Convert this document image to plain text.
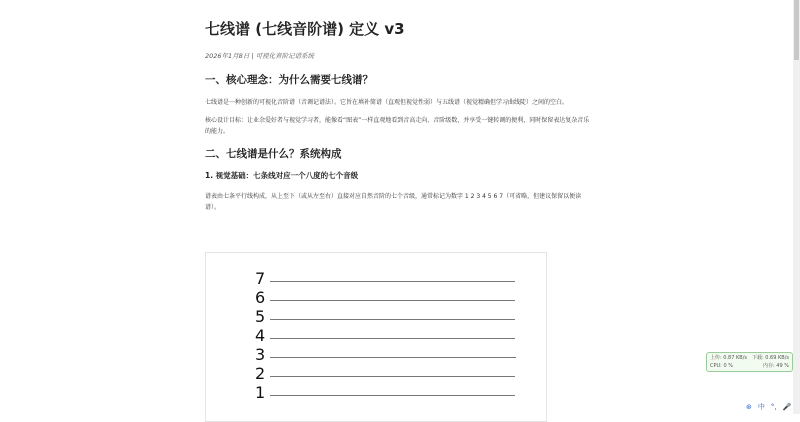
七线谱 (七线音阶谱) 定义 v3
2026年1月8日 | 可视化音阶记谱系统
一、核心理念：为什么需要七线谱？

七线谱是一种创新的可视化音阶谱（音调记谱法）。它旨在填补简谱（直观但视觉性弱）与五线谱（视觉精确但学习曲线陡）之间的空白。

核心设计目标：让业余爱好者与视觉学习者，能像看“图表”一样直观地看到音高走向、音阶级数，并享受一键转调的便利，同时保留表达复杂音乐的能力。

二、七线谱是什么？系统构成
1. 视觉基础：七条线对应一个八度的七个音级

谱表由七条平行线构成，从上至下（或从左至右）直接对应自然音阶的七个音级，通常标记为数字 1 2 3 4 5 6 7（可省略，但建议保留以便读谱）。

7
6
5
4
3
2
1
上传: 0.87 KB/s 下载: 0.69 KB/s
CPU: 0 %	内存: 49 %
⊛ 中 °, 🎤
